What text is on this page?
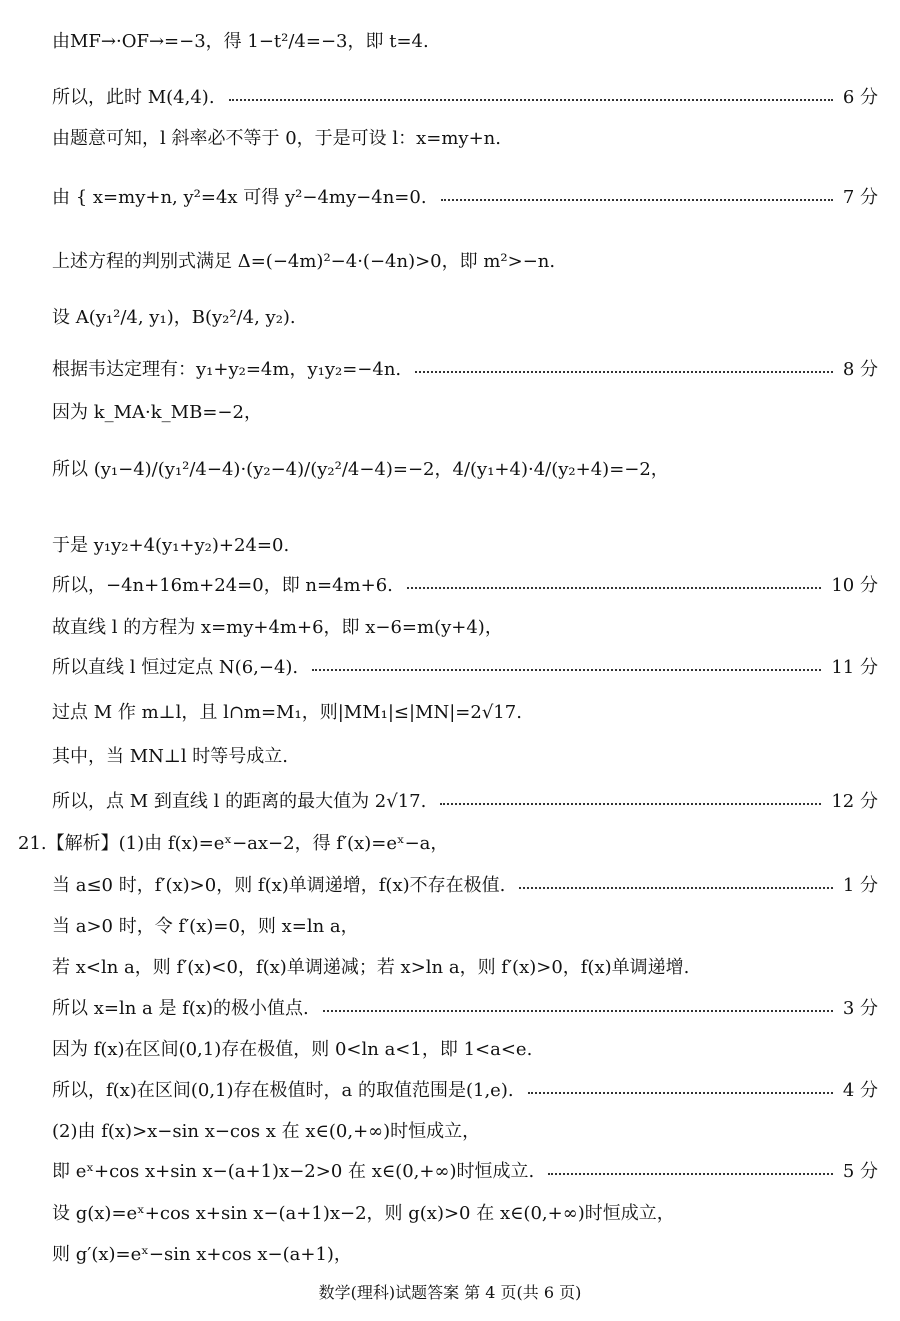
由MF→·OF→=−3，得 1−t²/4=−3，即 t=4.
所以，此时 M(4,4).	6 分
由题意可知，l 斜率必不等于 0，于是可设 l：x=my+n.
由 { x=my+n, y²=4x 可得 y²−4my−4n=0.	7 分
上述方程的判别式满足 Δ=(−4m)²−4·(−4n)>0，即 m²>−n.
设 A(y₁²/4, y₁)，B(y₂²/4, y₂).
根据韦达定理有：y₁+y₂=4m，y₁y₂=−4n.	8 分
因为 k_MA·k_MB=−2，
所以 (y₁−4)/(y₁²/4−4)·(y₂−4)/(y₂²/4−4)=−2，4/(y₁+4)·4/(y₂+4)=−2，
于是 y₁y₂+4(y₁+y₂)+24=0.
所以，−4n+16m+24=0，即 n=4m+6.	10 分
故直线 l 的方程为 x=my+4m+6，即 x−6=m(y+4)，
所以直线 l 恒过定点 N(6,−4).	11 分
过点 M 作 m⊥l，且 l∩m=M₁，则|MM₁|≤|MN|=2√17.
其中，当 MN⊥l 时等号成立.
所以，点 M 到直线 l 的距离的最大值为 2√17.	12 分
21.【解析】(1)由 f(x)=eˣ−ax−2，得 f′(x)=eˣ−a，
当 a≤0 时，f′(x)>0，则 f(x)单调递增，f(x)不存在极值.	1 分
当 a>0 时，令 f′(x)=0，则 x=ln a，
若 x<ln a，则 f′(x)<0，f(x)单调递减；若 x>ln a，则 f′(x)>0，f(x)单调递增.
所以 x=ln a 是 f(x)的极小值点.	3 分
因为 f(x)在区间(0,1)存在极值，则 0<ln a<1，即 1<a<e.
所以，f(x)在区间(0,1)存在极值时，a 的取值范围是(1,e).	4 分
(2)由 f(x)>x−sin x−cos x 在 x∈(0,+∞)时恒成立，
即 eˣ+cos x+sin x−(a+1)x−2>0 在 x∈(0,+∞)时恒成立.	5 分
设 g(x)=eˣ+cos x+sin x−(a+1)x−2，则 g(x)>0 在 x∈(0,+∞)时恒成立，
则 g′(x)=eˣ−sin x+cos x−(a+1)，
数学(理科)试题答案 第 4 页(共 6 页)
